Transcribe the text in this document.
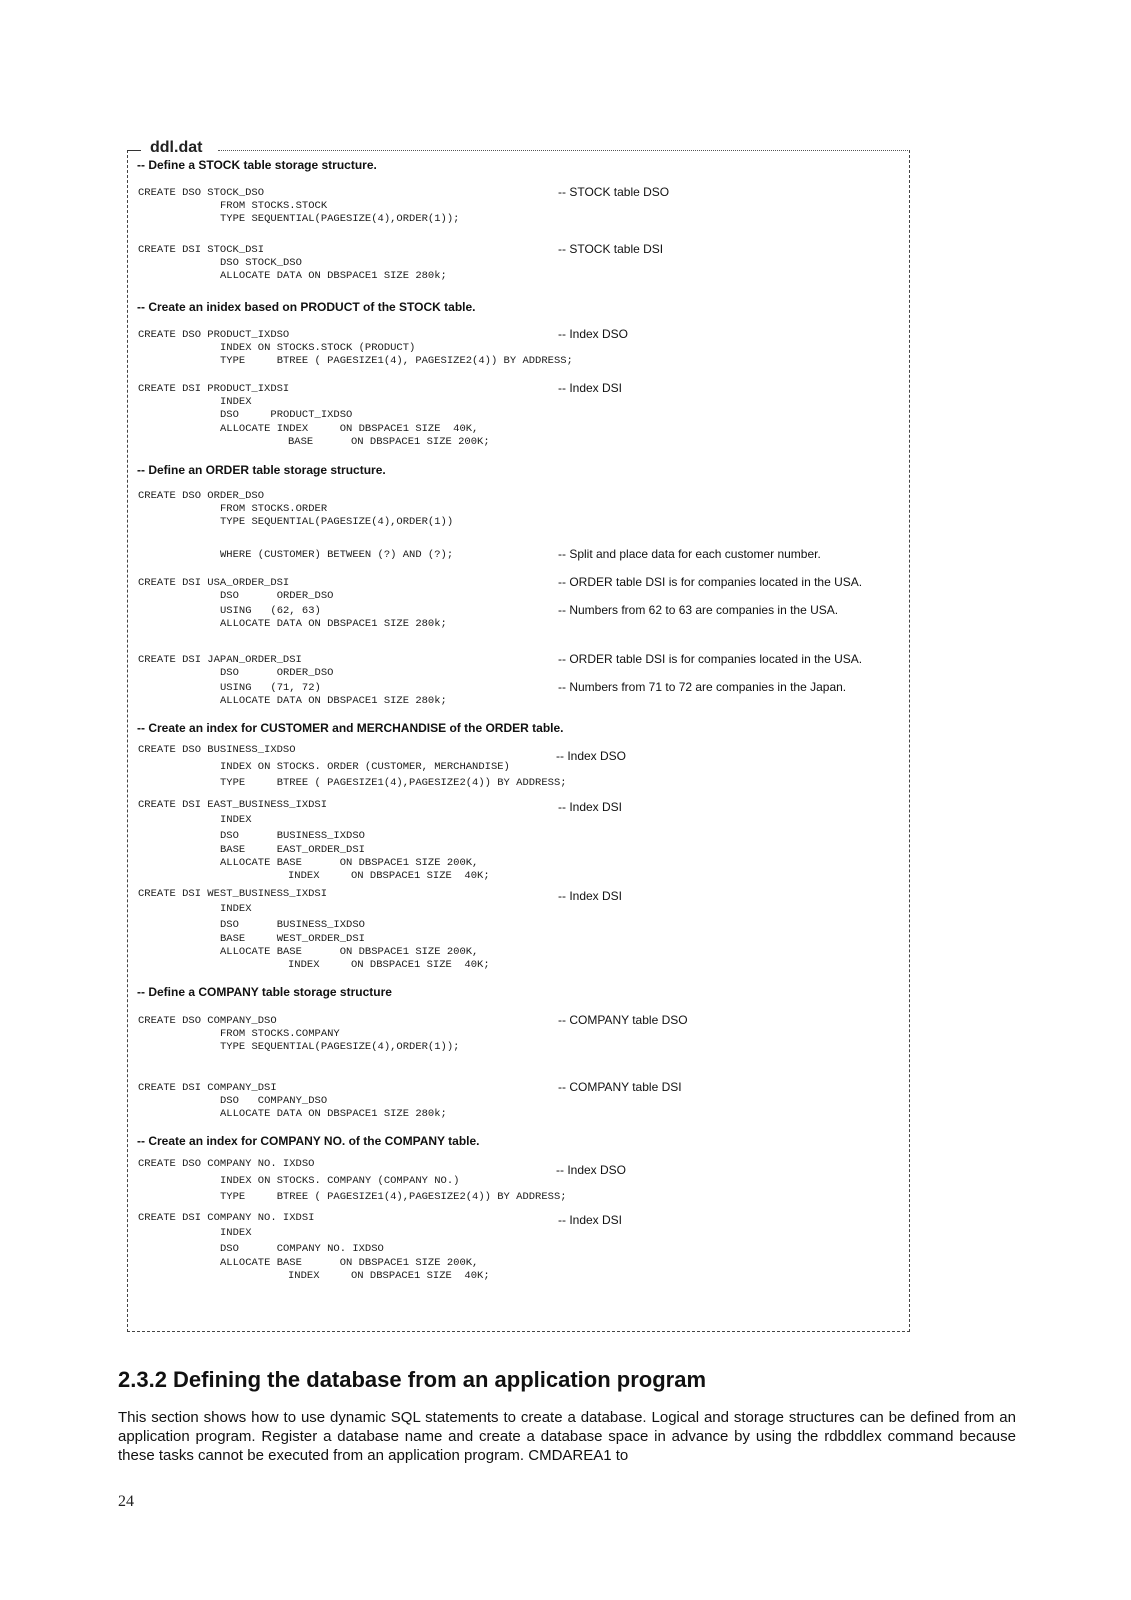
ddl.dat
-- Define a STOCK table storage structure.
CREATE DSO STOCK_DSO	-- STOCK table DSO
FROM STOCKS.STOCK
TYPE SEQUENTIAL(PAGESIZE(4),ORDER(1));
CREATE DSI STOCK_DSI	-- STOCK table DSI
DSO STOCK_DSO
ALLOCATE DATA ON DBSPACE1 SIZE 280k;
-- Create an inidex based on PRODUCT of the STOCK table.
CREATE DSO PRODUCT_IXDSO	-- Index DSO
INDEX ON STOCKS.STOCK (PRODUCT)
TYPE     BTREE ( PAGESIZE1(4), PAGESIZE2(4)) BY ADDRESS;
CREATE DSI PRODUCT_IXDSI	-- Index DSI
INDEX
DSO     PRODUCT_IXDSO
ALLOCATE INDEX     ON DBSPACE1 SIZE  40K,
BASE      ON DBSPACE1 SIZE 200K;
-- Define an ORDER table storage structure.
CREATE DSO ORDER_DSO
FROM STOCKS.ORDER
TYPE SEQUENTIAL(PAGESIZE(4),ORDER(1))
WHERE (CUSTOMER) BETWEEN (?) AND (?);	-- Split and place data for each customer number.
CREATE DSI USA_ORDER_DSI	-- ORDER table DSI is for companies located in the USA.
DSO      ORDER_DSO
USING   (62, 63)	-- Numbers from 62 to 63 are companies in the USA.
ALLOCATE DATA ON DBSPACE1 SIZE 280k;
CREATE DSI JAPAN_ORDER_DSI	-- ORDER table DSI is for companies located in the USA.
DSO      ORDER_DSO
USING   (71, 72)	-- Numbers from 71 to 72 are companies in the Japan.
ALLOCATE DATA ON DBSPACE1 SIZE 280k;
-- Create an index for CUSTOMER and MERCHANDISE of the ORDER table.
CREATE DSO BUSINESS_IXDSO	-- Index DSO
INDEX ON STOCKS. ORDER (CUSTOMER, MERCHANDISE)
TYPE     BTREE ( PAGESIZE1(4),PAGESIZE2(4)) BY ADDRESS;
CREATE DSI EAST_BUSINESS_IXDSI	-- Index DSI
INDEX
DSO      BUSINESS_IXDSO
BASE     EAST_ORDER_DSI
ALLOCATE BASE      ON DBSPACE1 SIZE 200K,
INDEX     ON DBSPACE1 SIZE  40K;
CREATE DSI WEST_BUSINESS_IXDSI	-- Index DSI
INDEX
DSO      BUSINESS_IXDSO
BASE     WEST_ORDER_DSI
ALLOCATE BASE      ON DBSPACE1 SIZE 200K,
INDEX     ON DBSPACE1 SIZE  40K;
-- Define a COMPANY table storage structure
CREATE DSO COMPANY_DSO	-- COMPANY table DSO
FROM STOCKS.COMPANY
TYPE SEQUENTIAL(PAGESIZE(4),ORDER(1));
CREATE DSI COMPANY_DSI	-- COMPANY table DSI
DSO   COMPANY_DSO
ALLOCATE DATA ON DBSPACE1 SIZE 280k;
-- Create an index for COMPANY NO. of the COMPANY table.
CREATE DSO COMPANY NO. IXDSO	-- Index DSO
INDEX ON STOCKS. COMPANY (COMPANY NO.)
TYPE     BTREE ( PAGESIZE1(4),PAGESIZE2(4)) BY ADDRESS;
CREATE DSI COMPANY NO. IXDSI	-- Index DSI
INDEX
DSO      COMPANY NO. IXDSO
ALLOCATE BASE      ON DBSPACE1 SIZE 200K,
INDEX     ON DBSPACE1 SIZE  40K;
2.3.2 Defining the database from an application program

This section shows how to use dynamic SQL statements to create a database. Logical and storage structures can be defined from an application program. Register a database name and create a database space in advance by using the rdbddlex command because these tasks cannot be executed from an application program. CMDAREA1 to

24
